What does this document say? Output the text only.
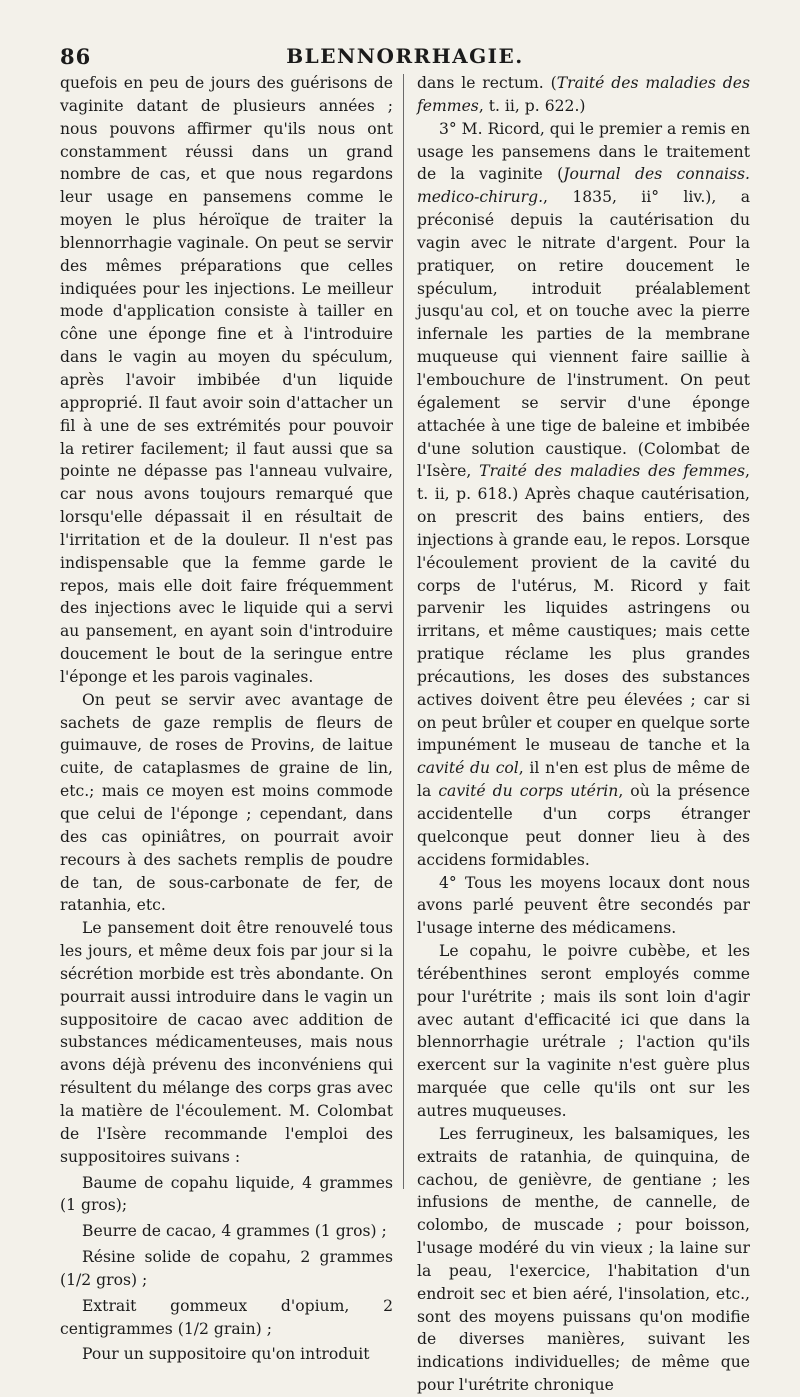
86	BLENNORRHAGIE.

quefois en peu de jours des guérisons de vaginite datant de plusieurs années ; nous pouvons affirmer qu'ils nous ont constamment réussi dans un grand nombre de cas, et que nous regardons leur usage en pansemens comme le moyen le plus héroïque de traiter la blennorrhagie vaginale. On peut se servir des mêmes préparations que celles indiquées pour les injections. Le meilleur mode d'application consiste à tailler en cône une éponge fine et à l'introduire dans le vagin au moyen du spéculum, après l'avoir imbibée d'un liquide approprié. Il faut avoir soin d'attacher un fil à une de ses extrémités pour pouvoir la retirer facilement; il faut aussi que sa pointe ne dépasse pas l'anneau vulvaire, car nous avons toujours remarqué que lorsqu'elle dépassait il en résultait de l'irritation et de la douleur. Il n'est pas indispensable que la femme garde le repos, mais elle doit faire fréquemment des injections avec le liquide qui a servi au pansement, en ayant soin d'introduire doucement le bout de la seringue entre l'éponge et les parois vaginales.

On peut se servir avec avantage de sachets de gaze remplis de fleurs de guimauve, de roses de Provins, de laitue cuite, de cataplasmes de graine de lin, etc.; mais ce moyen est moins commode que celui de l'éponge ; cependant, dans des cas opiniâtres, on pourrait avoir recours à des sachets remplis de poudre de tan, de sous-carbonate de fer, de ratanhia, etc.

Le pansement doit être renouvelé tous les jours, et même deux fois par jour si la sécrétion morbide est très abondante. On pourrait aussi introduire dans le vagin un suppositoire de cacao avec addition de substances médicamenteuses, mais nous avons déjà prévenu des inconvéniens qui résultent du mélange des corps gras avec la matière de l'écoulement. M. Colombat de l'Isère recommande l'emploi des suppositoires suivans :

Baume de copahu liquide, 4 grammes (1 gros);

Beurre de cacao, 4 grammes (1 gros) ;

Résine solide de copahu, 2 grammes (1/2 gros) ;

Extrait gommeux d'opium, 2 centigrammes (1/2 grain) ;

Pour un suppositoire qu'on introduit

dans le rectum. (Traité des maladies des femmes, t. ii, p. 622.)

3° M. Ricord, qui le premier a remis en usage les pansemens dans le traitement de la vaginite (Journal des connaiss. medico-chirurg., 1835, ii° liv.), a préconisé depuis la cautérisation du vagin avec le nitrate d'argent. Pour la pratiquer, on retire doucement le spéculum, introduit préalablement jusqu'au col, et on touche avec la pierre infernale les parties de la membrane muqueuse qui viennent faire saillie à l'embouchure de l'instrument. On peut également se servir d'une éponge attachée à une tige de baleine et imbibée d'une solution caustique. (Colombat de l'Isère, Traité des maladies des femmes, t. ii, p. 618.) Après chaque cautérisation, on prescrit des bains entiers, des injections à grande eau, le repos. Lorsque l'écoulement provient de la cavité du corps de l'utérus, M. Ricord y fait parvenir les liquides astringens ou irritans, et même caustiques; mais cette pratique réclame les plus grandes précautions, les doses des substances actives doivent être peu élevées ; car si on peut brûler et couper en quelque sorte impunément le museau de tanche et la cavité du col, il n'en est plus de même de la cavité du corps utérin, où la présence accidentelle d'un corps étranger quelconque peut donner lieu à des accidens formidables.

4° Tous les moyens locaux dont nous avons parlé peuvent être secondés par l'usage interne des médicamens.

Le copahu, le poivre cubèbe, et les térébenthines seront employés comme pour l'urétrite ; mais ils sont loin d'agir avec autant d'efficacité ici que dans la blennorrhagie urétrale ; l'action qu'ils exercent sur la vaginite n'est guère plus marquée que celle qu'ils ont sur les autres muqueuses.

Les ferrugineux, les balsamiques, les extraits de ratanhia, de quinquina, de cachou, de genièvre, de gentiane ; les infusions de menthe, de cannelle, de colombo, de muscade ; pour boisson, l'usage modéré du vin vieux ; la laine sur la peau, l'exercice, l'habitation d'un endroit sec et bien aéré, l'insolation, etc., sont des moyens puissans qu'on modifie de diverses manières, suivant les indications individuelles; de même que pour l'urétrite chronique
